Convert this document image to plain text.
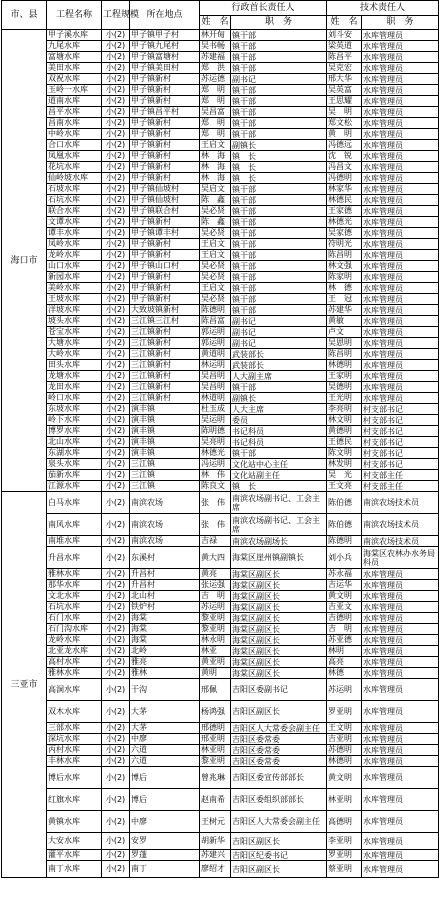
市、县	工程名称	工程规模	所在地点	行政首长责任人		技术责任人	
				姓　名	职　务	姓　名	职　务
海口市	甲子溪水库	小(2)	甲子镇甲子村	林开甸	镇干部	刘斗安	水库管理员
	九尾水库	小(2)	甲子镇九尾村	吴书畅	镇干部	梁英道	水库管理员
	富塘水库	小(2)	甲子镇富塘村	苏建福	镇干部	陈昌平	水库管理员
	美田水库	小(2)	甲子镇美田村	郑　洪	镇干部	吴克宏	水库管理员
	双祝水库	小(2)	甲子镇新村	苏运德	副书记	邢大华	水库管理员
	玉岭一水库	小(2)	甲子镇新村	郑　明	镇干部	吴英富	水库管理员
	道南水库	小(2)	甲子镇新村	郑　明	镇干部	王思耀	水库管理员
	昌平水库	小(2)	甲子镇昌平村	吴昌富	镇干部	吴　明	水库管理员
	昌南水库	小(2)	甲子镇新村	郑　明	镇干部	郑文松	水库管理员
	中岭水库	小(2)	甲子镇新村	郑　明	镇干部	黄　明	水库管理员
	合口水库	小(2)	甲子镇新村	王启文	副镇长	冯德远	水库管理员
	凤凰水库	小(2)	甲子镇新村	林　海	镇　长	沈　锐	水库管理员
	花坑水库	小(2)	甲子镇新村	林　海	镇　长	冯昌文	水库管理员
	仙岭坡水库	小(2)	甲子镇新村	林　海	镇　长	冯德明	水库管理员
	石坡水库	小(2)	甲子镇仙坡村	吴启文	镇干部	林家华	水库管理员
	石坑水库	小(2)	甲子镇仙坡村	陈　鑫	镇干部	林德民	水库管理员
	联合水库	小(2)	甲子镇联合村	吴必贤	镇干部	王家德	水库管理员
	文谭水库	小(2)	甲子镇新村	陈　鑫	镇干部	林德光	水库管理员
	谭丰水库	小(2)	甲子镇谭丰村	吴必贤	镇干部	吴家德	水库管理员
	凤岭水库	小(2)	甲子镇新村	王启文	镇干部	符明光	水库管理员
	龙岭水库	小(2)	甲子镇新村	王启文	镇干部	陈昌明	水库管理员
	山口水库	小(2)	甲子镇山口村	吴必贤	镇干部	林文强	水库管理员
	新园水库	小(2)	甲子镇新村	吴必贤	镇干部	陈家明	水库管理员
	美岭水库	小(2)	甲子镇新村	王启文	镇干部	林　德	水库管理员
	王坡水库	小(2)	甲子镇新村	吴必贤	镇干部	王　冠	水库管理员
	洋坡水库	小(2)	大致坡镇新村	陈德明	镇干部	苏建华	水库管理员
	坡头水库	小(2)	三江镇三江村	陈昌富	副书记	黄敏	水库管理员
	苍宝水库	小(2)	三江镇新村	郭运明	副书记	卢文	水库管理员
	大塘水库	小(2)	三江镇新村	郭运明	副书记	吴恩明	水库管理员
	大岭水库	小(2)	三江镇新村	黄道明	武装部长	陈昌明	水库管理员
	田头水库	小(2)	三江镇新村	林运明	武装部长	林德明	水库管理员
	龙塘水库	小(2)	三江镇新村	吴昌明	人大副主席	王家明	水库管理员
	龙田水库	小(2)	三江镇新村	吴昌明	镇干部	吴德明	水库管理员
	岭口水库	小(2)	三江镇新村	林道明	副镇长	王光明	水库管理员
	东坡水库	小(2)	演丰镇	杜玉成	人大主席	李亮明	村支部书记
	岭下水库	小(2)	演丰镇	吴运明	委员	林文明	村支部书记
	博罗水库	小(2)	演丰镇	陈明德	书记科员	黄德明	村支部书记
	北山水库	小(2)	演丰镇	吴亮明	书记科员	王德民	村支部书记
	东湖水库	小(2)	演丰镇	林德光	镇干部	陈文明	村支部书记
	泉头水库	小(2)	三江镇	冯运明	文化站中心主任	林发明	村支部书记
	茄新水库	小(2)	三江镇	林　伟	文化站副主任	吴　光	村支部主任
	江源水库	小(2)	三江镇	陈良文	镇　长	王文亮	村支部主任
三亚市	白马水库	小(2)	南滨农场	张　伟	南滨农场副书记、工会主席	陈伯德	南滨农场技术员
	南风水库	小(2)	南滨农场	张　伟	南滨农场副书记、工会主席	陈伯德	南滨农场技术员
	南堆水库	小(2)	南滨农场	吉禄	南滨农场副场长	陈德明	南滨农场技术员
	升昌水库	小(2)	东溪村	黄大四	海棠区崖州镇副镇长	刘小兵	海棠区农林办水务局科员
	雅林水库	小(2)	升昌村	黄亮	海棠区副区长	苏永福	水库管理员
	那华水库	小(2)	升昌村	张运强	海棠区副区长	吉运华	水库管理员
	文北水库	小(2)	北山村	吉　明	海棠区副区长	黄文明	水库管理员
	石坑水库	小(2)	铁炉村	苏运明	海棠区副区长	吉亚文	水库管理员
	石门水库	小(2)	海棠	黎亚明	海棠区副区长	吉德明	水库管理员
	石门沟水库	小(2)	海棠	黎亚明	海棠区副区长	吉　明	水库管理员
	龙岭水库	小(2)	海棠	林永明	海棠区副区长	苏亚德	水库管理员
	北亚龙水库	小(2)	北岭	林亚	海棠区副区长	林明	水库管理员
	高村水库	小(2)	雅亮	黄亚明	海棠区副区长	高亮	水库管理员
	雅林水库	小(2)	雅林	黄明	海棠区副区长	林德	水库管理员
	高洞水库	小(2)	干沟	邢佩	吉阳区委副书记	苏运明	水库管理员
	双木水库	小(2)	大茅	杨鸿强	吉阳区副区长	罗亚明	水库管理员
	三部水库	小(2)	大茅	邢德明	吉阳区人大常委会副主任	王文明	水库管理员
	深坑水库	小(2)	中廖	邢亚明	吉阳区委常委	吉亚明	水库管理员
	丙村水库	小(2)	六道	林亚明	吉阳区委常委	苏德明	水库管理员
	丰林水库	小(2)	六道	黎亚明	吉阳区委常委	林德明	水库管理员
	博后水库	小(2)	博后	曾兆琳	吉阳区委宣传部部长	黄文明	水库管理员
	红旗水库	小(2)	博后	赵南希	吉阳区委组织部部长	林亚明	水库管理员
	黄镇水库	小(2)	中廖	王树元	吉阳区人大常委会副主任	高德明	水库管理员
	大安水库	小(2)	安罗	胡新华	吉阳区副区长	李亚明	水库管理员
	灌平水库	小(2)	罗蓬	苏建兴	吉阳区纪委书记	罗亚明	水库管理员
	南丁水库	小(2)	南丁	廖绍才	吉阳区副区长	蔡亚明	水库管理员
